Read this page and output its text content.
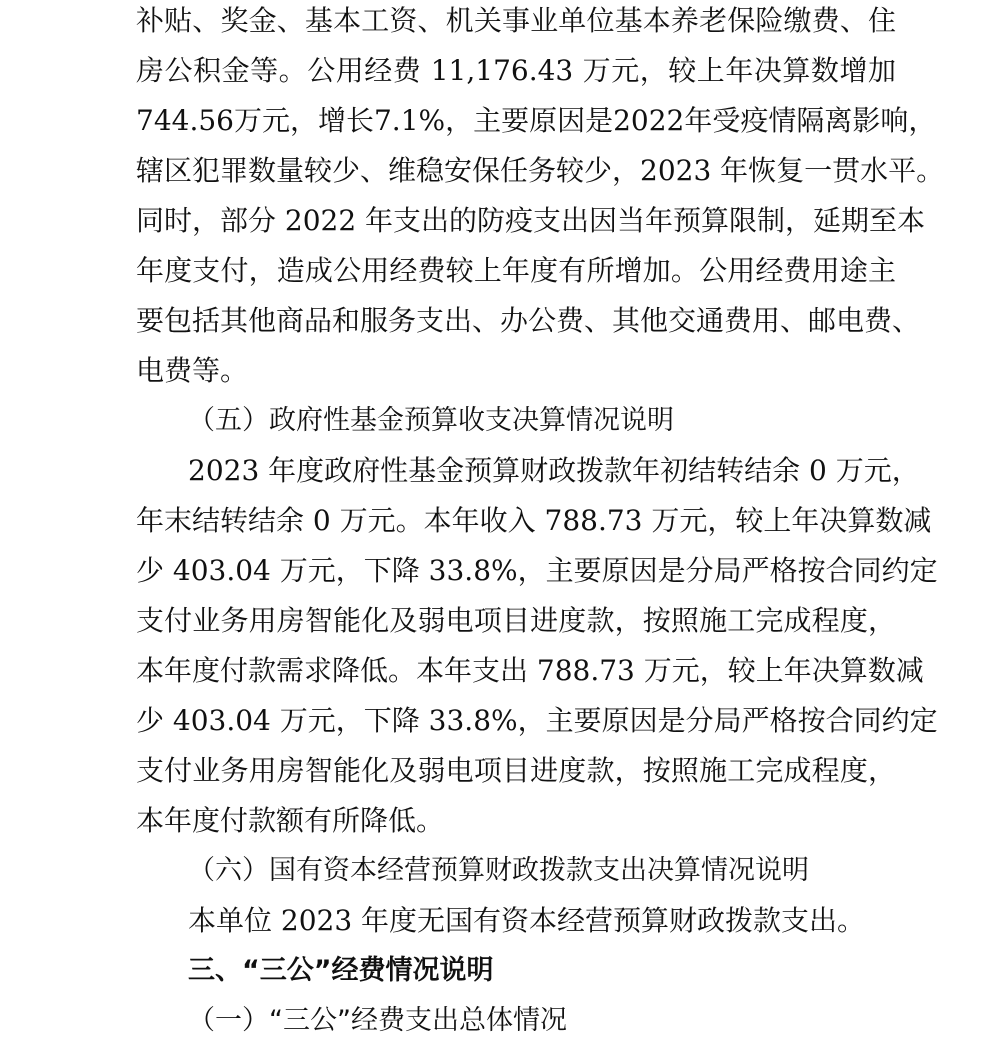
补贴、奖金、基本工资、机关事业单位基本养老保险缴费、住
房公积金等。公用经费 11,176.43 万元，较上年决算数增加
744.56万元，增长7.1%，主要原因是2022年受疫情隔离影响，
辖区犯罪数量较少、维稳安保任务较少，2023 年恢复一贯水平。
同时，部分 2022 年支出的防疫支出因当年预算限制，延期至本
年度支付，造成公用经费较上年度有所增加。公用经费用途主
要包括其他商品和服务支出、办公费、其他交通费用、邮电费、
电费等。
（五）政府性基金预算收支决算情况说明
2023 年度政府性基金预算财政拨款年初结转结余 0 万元，
年末结转结余 0 万元。本年收入 788.73 万元，较上年决算数减
少 403.04 万元，下降 33.8%，主要原因是分局严格按合同约定
支付业务用房智能化及弱电项目进度款，按照施工完成程度，
本年度付款需求降低。本年支出 788.73 万元，较上年决算数减
少 403.04 万元，下降 33.8%，主要原因是分局严格按合同约定
支付业务用房智能化及弱电项目进度款，按照施工完成程度，
本年度付款额有所降低。
（六）国有资本经营预算财政拨款支出决算情况说明
本单位 2023 年度无国有资本经营预算财政拨款支出。
三、“三公”经费情况说明
（一）“三公”经费支出总体情况
